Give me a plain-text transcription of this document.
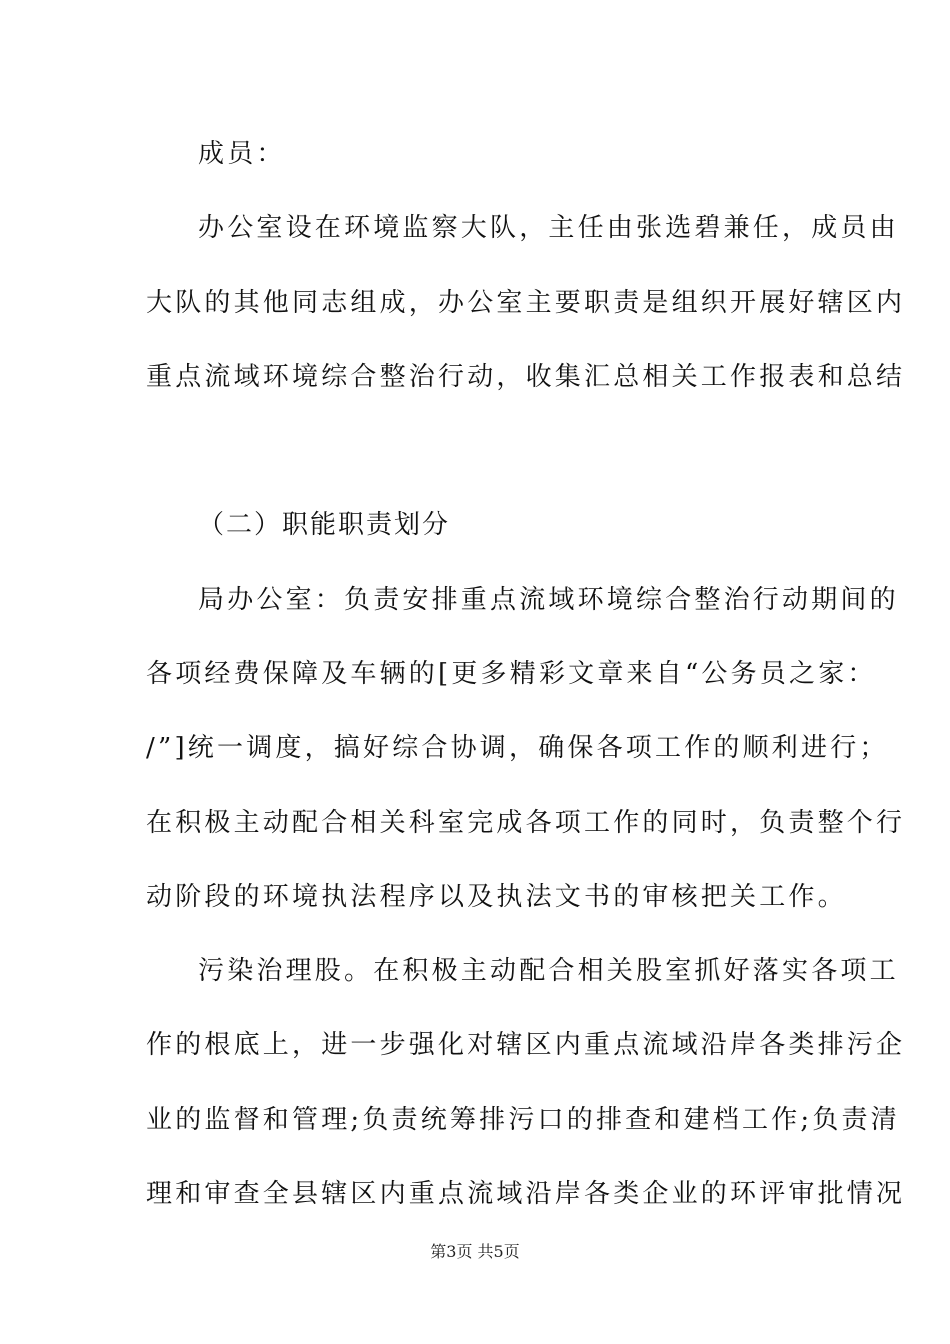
成员：
办公室设在环境监察大队，主任由张选碧兼任，成员由
大队的其他同志组成，办公室主要职责是组织开展好辖区内
重点流域环境综合整治行动，收集汇总相关工作报表和总结
（二）职能职责划分
局办公室：负责安排重点流域环境综合整治行动期间的
各项经费保障及车辆的[更多精彩文章来自“公务员之家：
/”]统一调度，搞好综合协调，确保各项工作的顺利进行；
在积极主动配合相关科室完成各项工作的同时，负责整个行
动阶段的环境执法程序以及执法文书的审核把关工作。
污染治理股。在积极主动配合相关股室抓好落实各项工
作的根底上，进一步强化对辖区内重点流域沿岸各类排污企
业的监督和管理;负责统筹排污口的排查和建档工作;负责清
理和审查全县辖区内重点流域沿岸各类企业的环评审批情况
第3页 共5页
